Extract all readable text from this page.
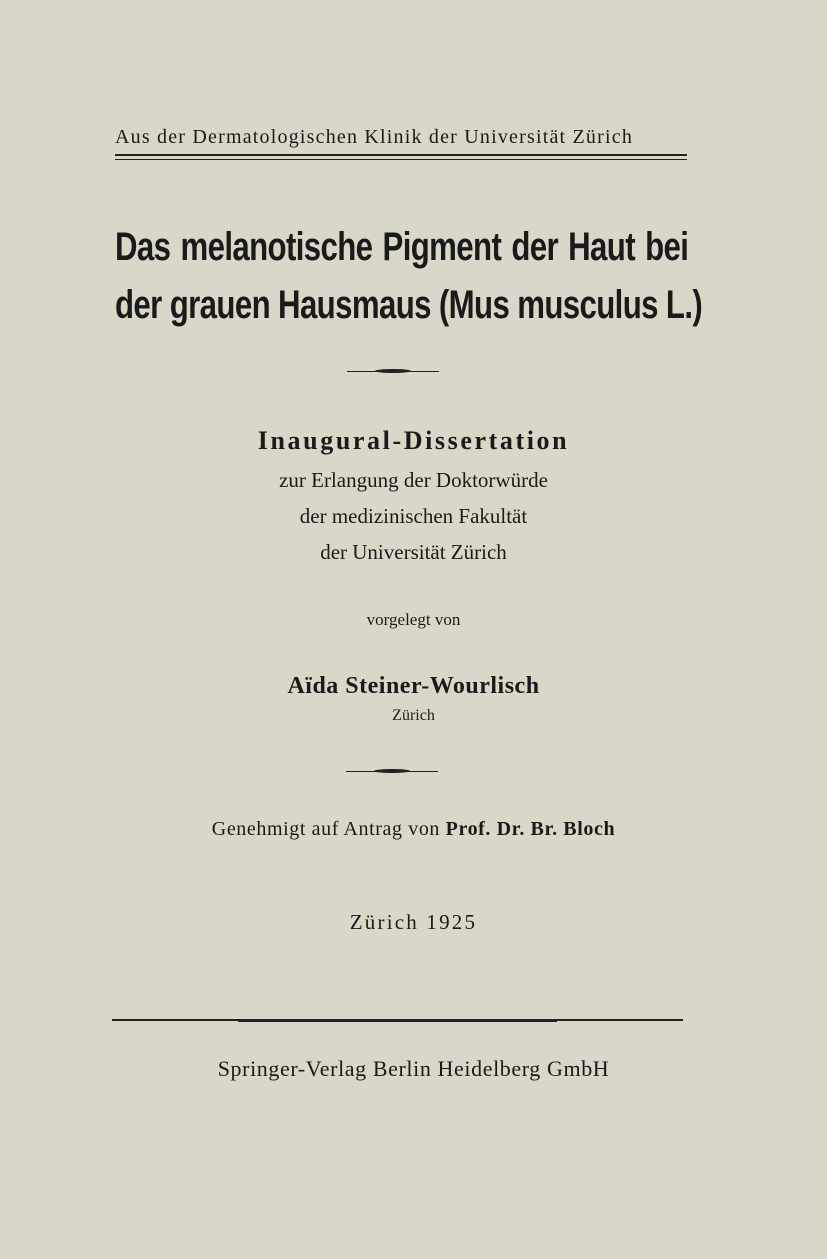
Aus der Dermatologischen Klinik der Universität Zürich
Das melanotische Pigment der Haut bei
der grauen Hausmaus (Mus musculus L.)
Inaugural-Dissertation
zur Erlangung der Doktorwürde
der medizinischen Fakultät
der Universität Zürich
vorgelegt von
Aïda Steiner-Wourlisch
Zürich
Genehmigt auf Antrag von Prof. Dr. Br. Bloch
Zürich 1925
Springer-Verlag Berlin Heidelberg GmbH
